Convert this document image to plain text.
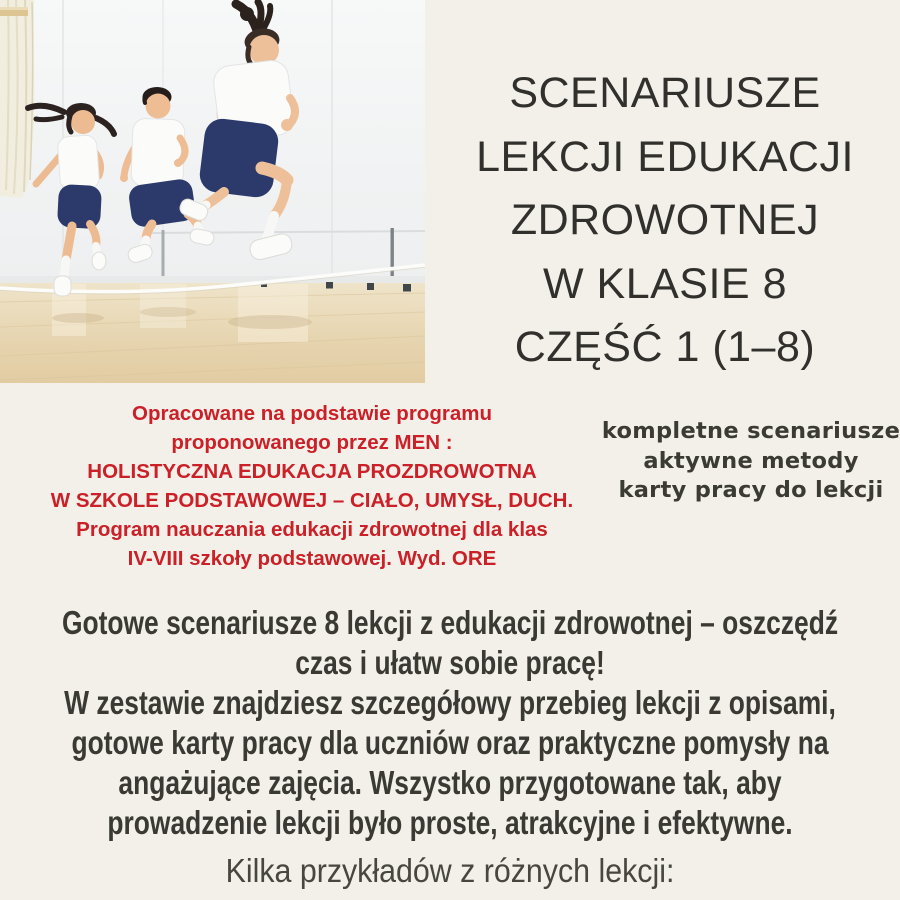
SCENARIUSZE
LEKCJI EDUKACJI
ZDROWOTNEJ
W KLASIE 8
CZĘŚĆ 1 (1–8)
Opracowane na podstawie programu
proponowanego przez MEN :
HOLISTYCZNA EDUKACJA PROZDROWOTNA
W SZKOLE PODSTAWOWEJ – CIAŁO, UMYSŁ, DUCH.
Program nauczania edukacji zdrowotnej dla klas
IV-VIII szkoły podstawowej. Wyd. ORE
kompletne scenariusze
aktywne metody
karty pracy do lekcji
Gotowe scenariusze 8 lekcji z edukacji zdrowotnej – oszczędź
czas i ułatw sobie pracę!
W zestawie znajdziesz szczegółowy przebieg lekcji z opisami,
gotowe karty pracy dla uczniów oraz praktyczne pomysły na
angażujące zajęcia. Wszystko przygotowane tak, aby
prowadzenie lekcji było proste, atrakcyjne i efektywne.
Kilka przykładów z różnych lekcji:
